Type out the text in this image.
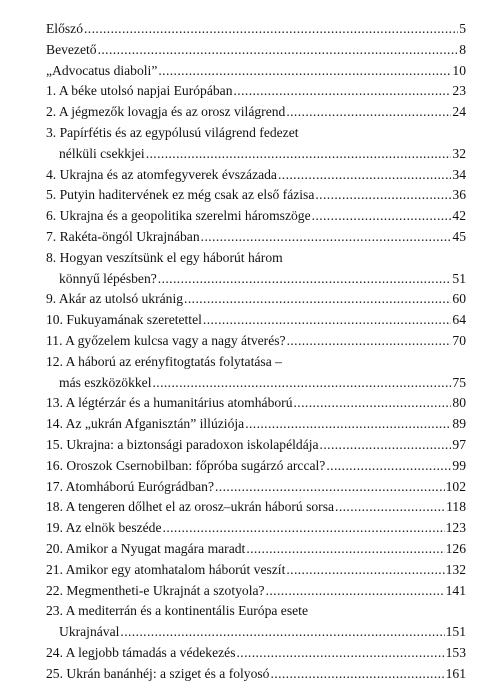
Előszó .....	5
Bevezető .....	8
„Advocatus diaboli” .....	10
1. A béke utolsó napjai Európában .....	23
2. A jégmezők lovagja és az orosz világrend .....	24
3. Papírfétis és az egypólusú világrend fedezet
nélküli csekkjei .....	32
4. Ukrajna és az atomfegyverek évszázada .....	34
5. Putyin haditervének ez még csak az első fázisa .....	36
6. Ukrajna és a geopolitika szerelmi háromszöge .....	42
7. Rakéta-öngól Ukrajnában .....	45
8. Hogyan veszítsünk el egy háborút három
könnyű lépésben? .....	51
9. Akár az utolsó ukránig .....	60
10. Fukuyamának szeretettel .....	64
11. A győzelem kulcsa vagy a nagy átverés? .....	70
12. A háború az erényfitogtatás folytatása –
más eszközökkel .....	75
13. A légtérzár és a humanitárius atomháború .....	80
14. Az „ukrán Afganisztán” illúziója .....	89
15. Ukrajna: a biztonsági paradoxon iskolapéldája .....	97
16. Oroszok Csernobilban: főpróba sugárzó arccal? .....	99
17. Atomháború Eurógrádban? .....	102
18. A tengeren dőlhet el az orosz–ukrán háború sorsa .....	118
19. Az elnök beszéde .....	123
20. Amikor a Nyugat magára maradt .....	126
21. Amikor egy atomhatalom háborút veszít .....	132
22. Megmentheti-e Ukrajnát a szotyola? .....	141
23. A mediterrán és a kontinentális Európa esete
Ukrajnával .....	151
24. A legjobb támadás a védekezés .....	153
25. Ukrán banánhéj: a sziget és a folyosó .....	161
